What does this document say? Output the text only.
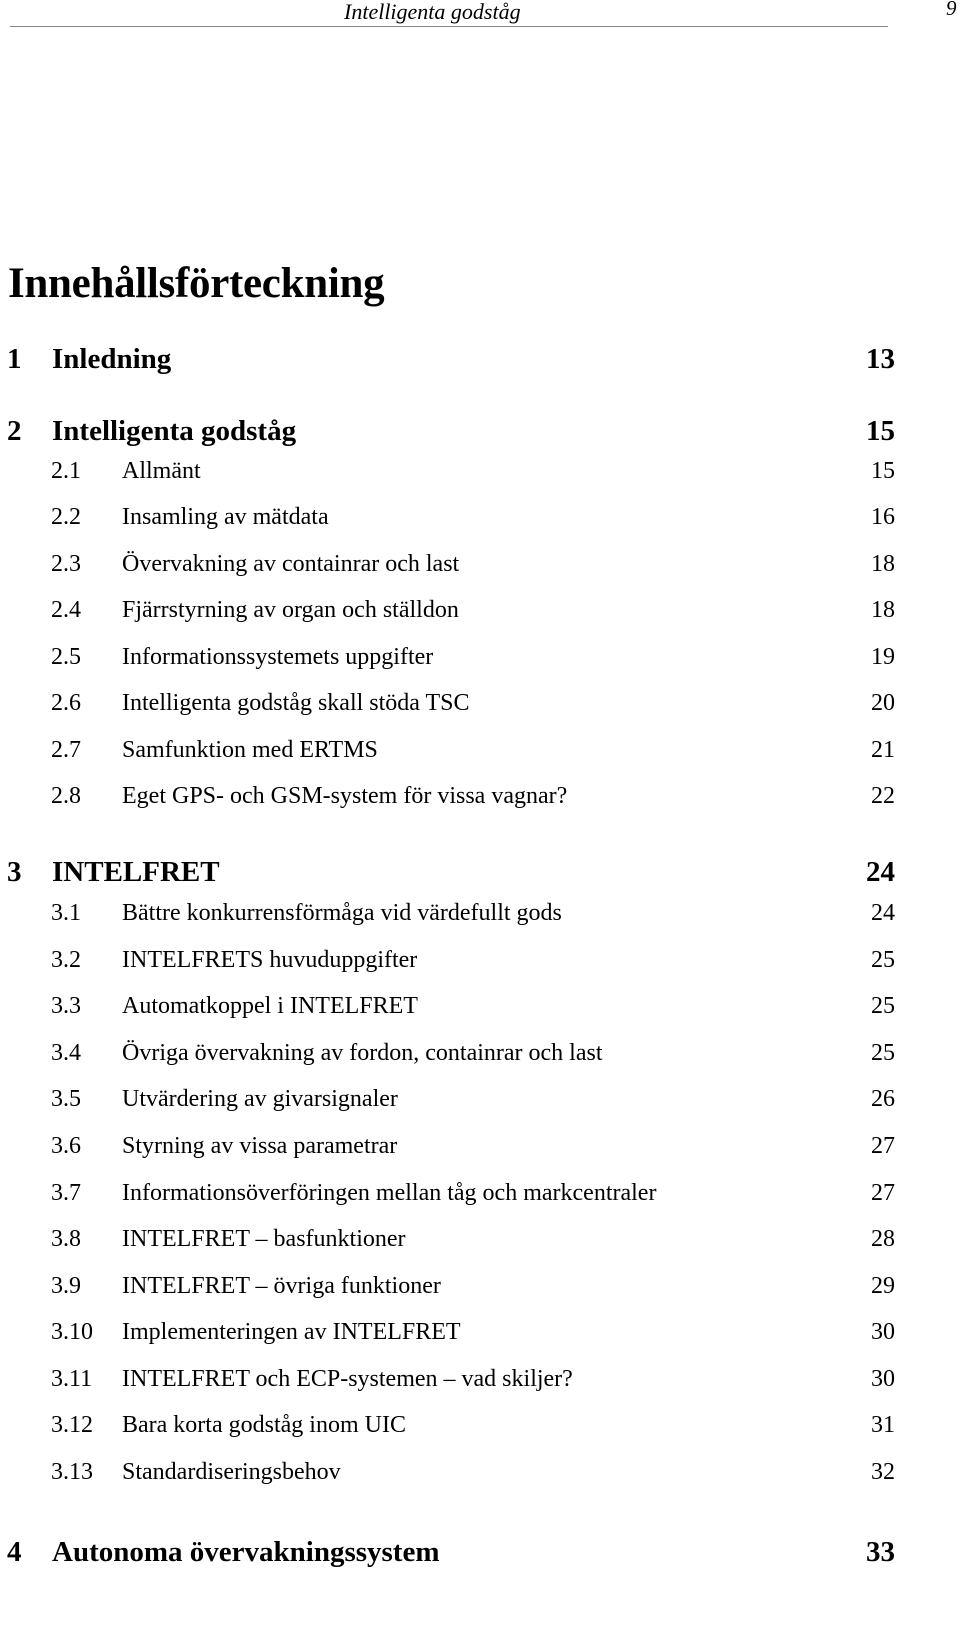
Intelligenta godståg	9
Innehållsförteckning
1 Inledning	13
2 Intelligenta godståg	15
2.1 Allmänt	15
2.2 Insamling av mätdata	16
2.3 Övervakning av containrar och last	18
2.4 Fjärrstyrning av organ och ställdon	18
2.5 Informationssystemets uppgifter	19
2.6 Intelligenta godståg skall stöda TSC	20
2.7 Samfunktion med ERTMS	21
2.8 Eget GPS- och GSM-system för vissa vagnar?	22
3 INTELFRET	24
3.1 Bättre konkurrensförmåga vid värdefullt gods	24
3.2 INTELFRETS huvuduppgifter	25
3.3 Automatkoppel i INTELFRET	25
3.4 Övriga övervakning av fordon, containrar och last	25
3.5 Utvärdering av givarsignaler	26
3.6 Styrning av vissa parametrar	27
3.7 Informationsöverföringen mellan tåg och markcentraler	27
3.8 INTELFRET – basfunktioner	28
3.9 INTELFRET – övriga funktioner	29
3.10 Implementeringen av INTELFRET	30
3.11 INTELFRET och ECP-systemen – vad skiljer?	30
3.12 Bara korta godståg inom UIC	31
3.13 Standardiseringsbehov	32
4 Autonoma övervakningssystem	33
